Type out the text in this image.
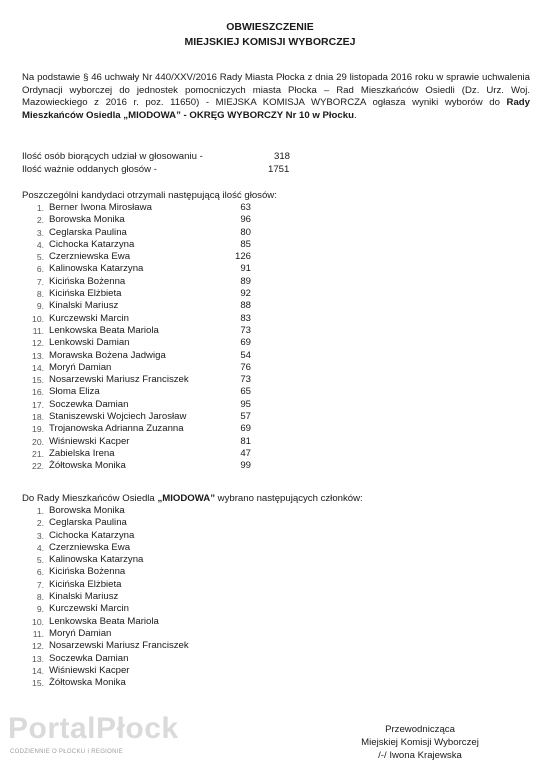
OBWIESZCZENIE
MIEJSKIEJ KOMISJI WYBORCZEJ

Na podstawie § 46 uchwały Nr 440/XXV/2016 Rady Miasta Płocka z dnia 29 listopada 2016 roku w sprawie uchwalenia Ordynacji wyborczej do jednostek pomocniczych miasta Płocka – Rad Mieszkańców Osiedli (Dz. Urz. Woj. Mazowieckiego z 2016 r. poz. 11650) - MIEJSKA KOMISJA WYBORCZA ogłasza wyniki wyborów do Rady Mieszkańców Osiedla „MIODOWA” - OKRĘG WYBORCZY Nr 10 w Płocku.

Ilość osób biorących udział w głosowaniu -	318
Ilość ważnie oddanych głosów -	1751
Poszczególni kandydaci otrzymali następującą ilość głosów:
1. Berner Iwona Mirosława	63
2. Borowska Monika	96
3. Ceglarska Paulina	80
4. Cichocka Katarzyna	85
5. Czerzniewska Ewa	126
6. Kalinowska Katarzyna	91
7. Kicińska Bożenna	89
8. Kicińska Elżbieta	92
9. Kinalski Mariusz	88
10. Kurczewski Marcin	83
11. Lenkowska Beata Mariola	73
12. Lenkowski Damian	69
13. Morawska Bożena Jadwiga	54
14. Moryń Damian	76
15. Nosarzewski Mariusz Franciszek	73
16. Słoma Eliza	65
17. Soczewka Damian	95
18. Staniszewski Wojciech Jarosław	57
19. Trojanowska Adrianna Zuzanna	69
20. Wiśniewski Kacper	81
21. Zabielska Irena	47
22. Żółtowska Monika	99
Do Rady Mieszkańców Osiedla „MIODOWA” wybrano następujących członków:
1. Borowska Monika
2. Ceglarska Paulina
3. Cichocka Katarzyna
4. Czerzniewska Ewa
5. Kalinowska Katarzyna
6. Kicińska Bożenna
7. Kicińska Elżbieta
8. Kinalski Mariusz
9. Kurczewski Marcin
10. Lenkowska Beata Mariola
11. Moryń Damian
12. Nosarzewski Mariusz Franciszek
13. Soczewka Damian
14. Wiśniewski Kacper
15. Żółtowska Monika
PortalPłock
CODZIENNIE O PŁOCKU I REGIONIE
Przewodnicząca
Miejskiej Komisji Wyborczej
/-/ Iwona Krajewska
